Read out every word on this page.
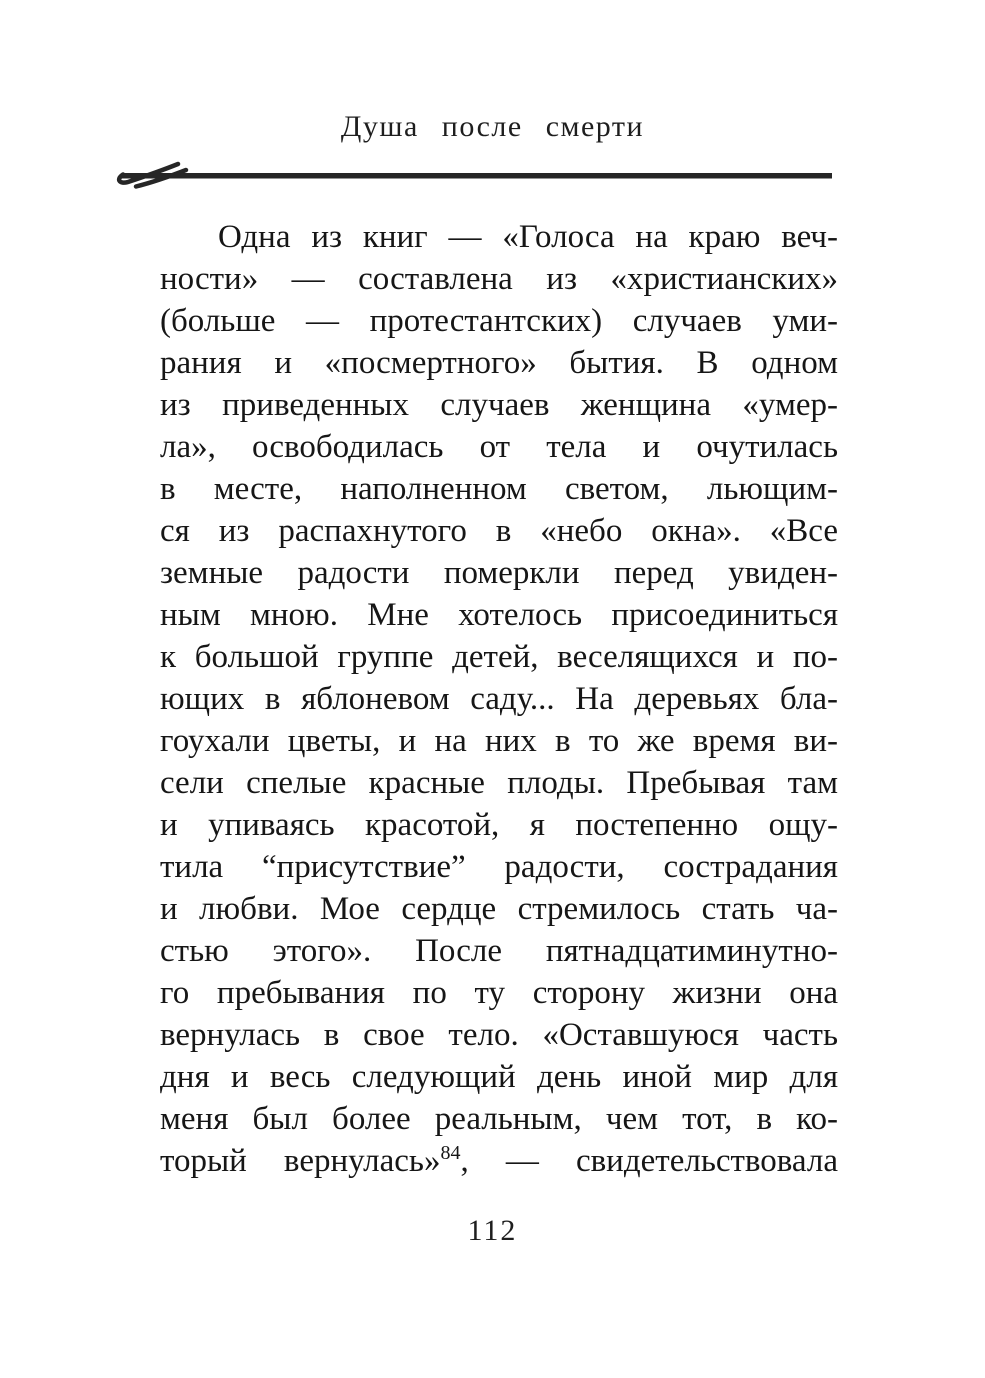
Душа после смерти
Одна из книг — «Голоса на краю веч-
ности» — составлена из «христианских»
(больше — протестантских) случаев уми-
рания и «посмертного» бытия. В одном
из приведенных случаев женщина «умер-
ла», освободилась от тела и очутилась
в месте, наполненном светом, льющим-
ся из распахнутого в «небо окна». «Все
земные радости померкли перед увиден-
ным мною. Мне хотелось присоединиться
к большой группе детей, веселящихся и по-
ющих в яблоневом саду... На деревьях бла-
гоухали цветы, и на них в то же время ви-
сели спелые красные плоды. Пребывая там
и упиваясь красотой, я постепенно ощу-
тила “присутствие” радости, сострадания
и любви. Мое сердце стремилось стать ча-
стью этого». После пятнадцатиминутно-
го пребывания по ту сторону жизни она
вернулась в свое тело. «Оставшуюся часть
дня и весь следующий день иной мир для
меня был более реальным, чем тот, в ко-
торый вернулась»$^{84}$, — свидетельствовала
112
